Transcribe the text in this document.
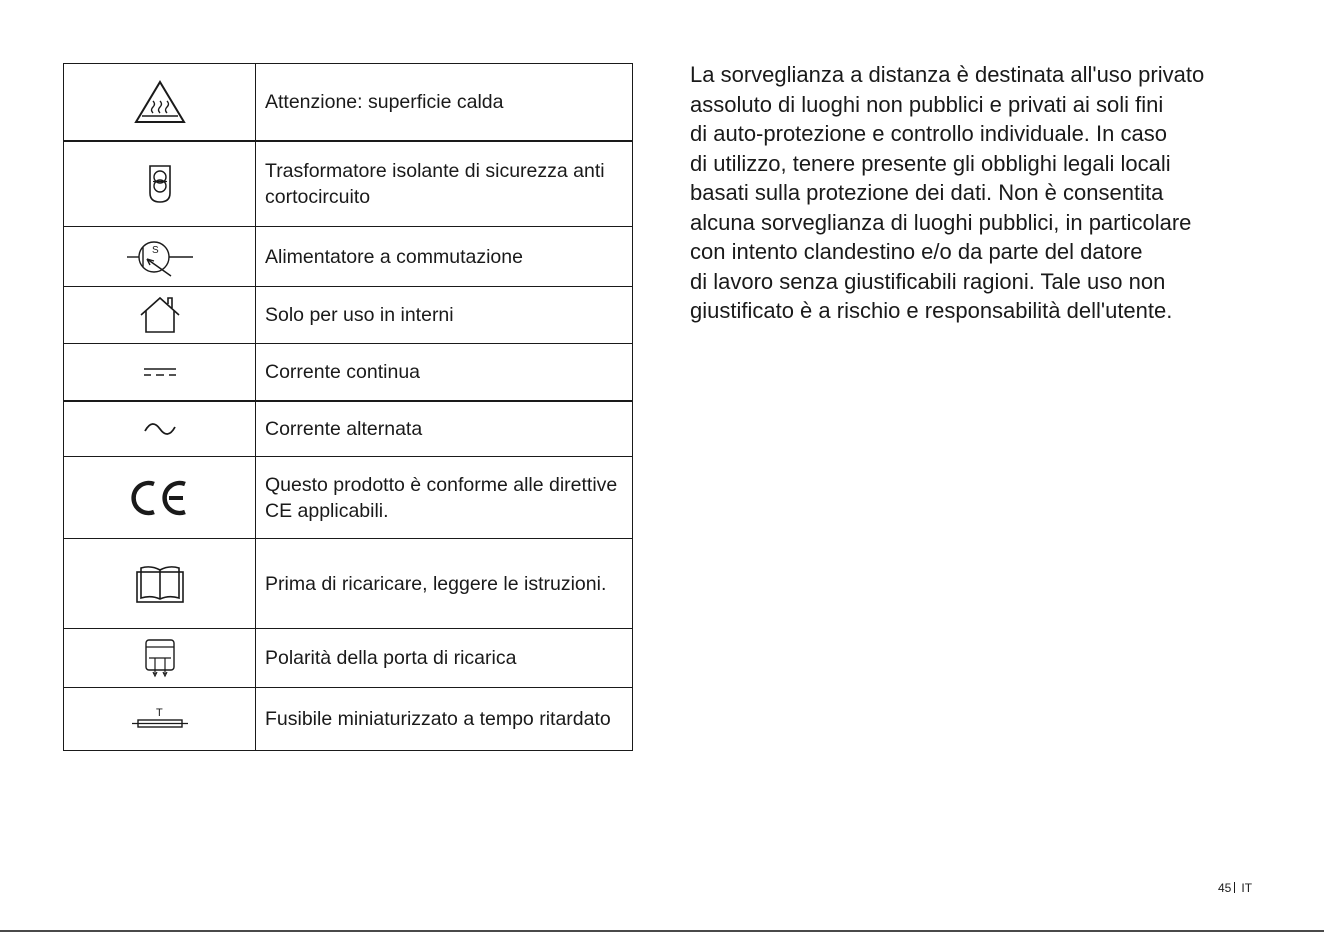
	Attenzione: superficie calda

	Trasformatore isolante di sicurezza anti cortocircuito

S	Alimentatore a commutazione

	Solo per uso in interni

	Corrente continua

	Corrente alternata

	Questo prodotto è conforme alle direttive CE applicabili.

	Prima di ricaricare, leggere le istruzioni.

	Polarità della porta di ricarica

T	Fusibile miniaturizzato a tempo ritardato
La sorveglianza a distanza è destinata all'uso privato
assoluto di luoghi non pubblici e privati ai soli fini
di auto-protezione e controllo individuale. In caso
di utilizzo, tenere presente gli obblighi legali locali
basati sulla protezione dei dati. Non è consentita
alcuna sorveglianza di luoghi pubblici, in particolare
con intento clandestino e/o da parte del datore
di lavoro senza giustificabili ragioni. Tale uso non
giustificato è a rischio e responsabilità dell'utente.
45 IT
